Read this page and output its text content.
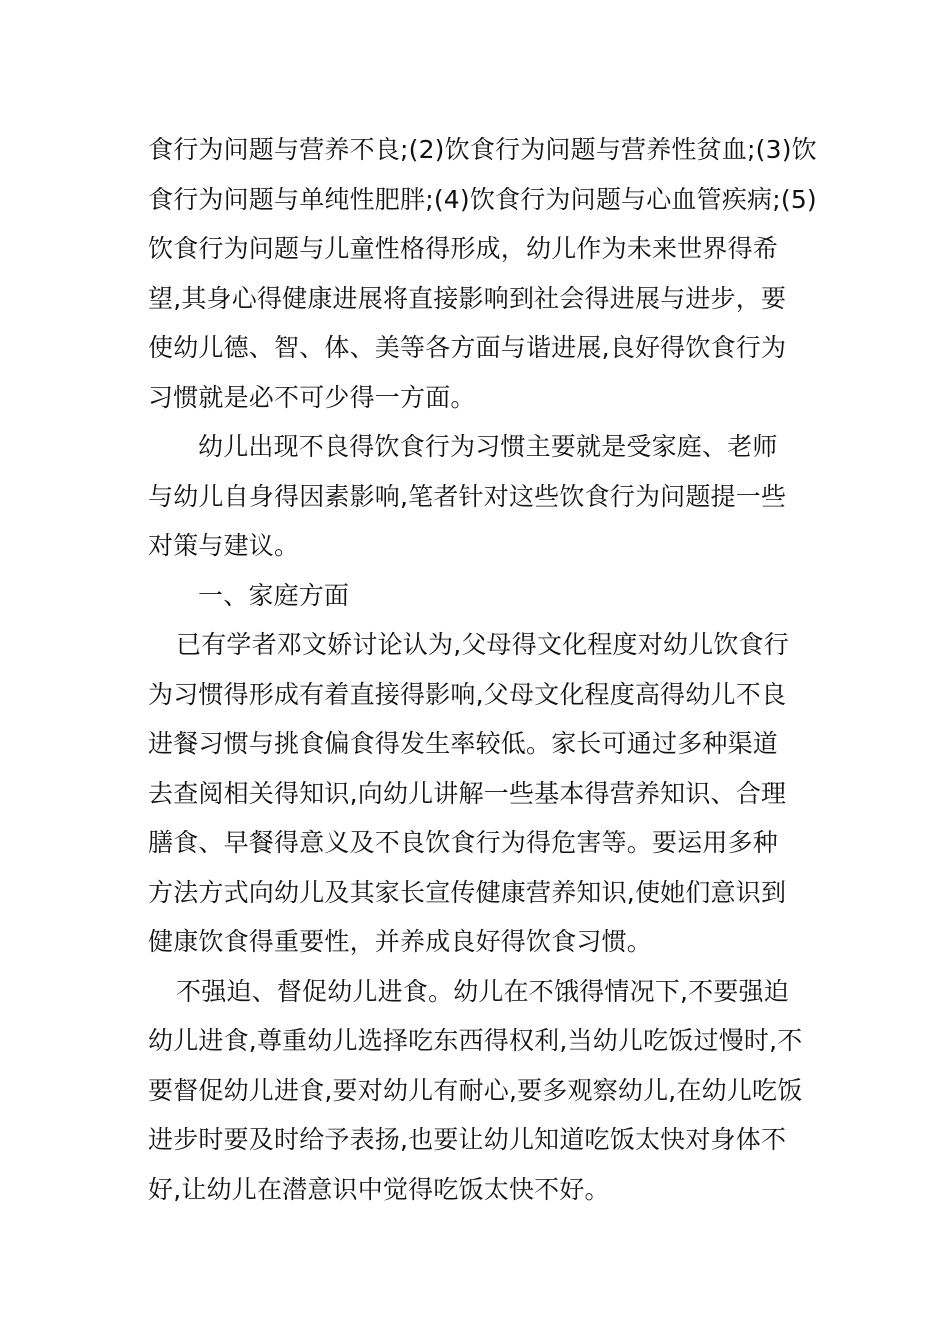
食行为问题与营养不良;(2)饮食行为问题与营养性贫血;(3)饮
食行为问题与单纯性肥胖;(4)饮食行为问题与心血管疾病;(5)
饮食行为问题与儿童性格得形成，幼儿作为未来世界得希
望,其身心得健康进展将直接影响到社会得进展与进步，要
使幼儿德、智、体、美等各方面与谐进展,良好得饮食行为
习惯就是必不可少得一方面。
幼儿出现不良得饮食行为习惯主要就是受家庭、老师
与幼儿自身得因素影响,笔者针对这些饮食行为问题提一些
对策与建议。
一、家庭方面
已有学者邓文娇讨论认为,父母得文化程度对幼儿饮食行
为习惯得形成有着直接得影响,父母文化程度高得幼儿不良
进餐习惯与挑食偏食得发生率较低。家长可通过多种渠道
去查阅相关得知识,向幼儿讲解一些基本得营养知识、合理
膳食、早餐得意义及不良饮食行为得危害等。要运用多种
方法方式向幼儿及其家长宣传健康营养知识,使她们意识到
健康饮食得重要性，并养成良好得饮食习惯。
不强迫、督促幼儿进食。幼儿在不饿得情况下,不要强迫
幼儿进食,尊重幼儿选择吃东西得权利,当幼儿吃饭过慢时,不
要督促幼儿进食,要对幼儿有耐心,要多观察幼儿,在幼儿吃饭
进步时要及时给予表扬,也要让幼儿知道吃饭太快对身体不
好,让幼儿在潜意识中觉得吃饭太快不好。
